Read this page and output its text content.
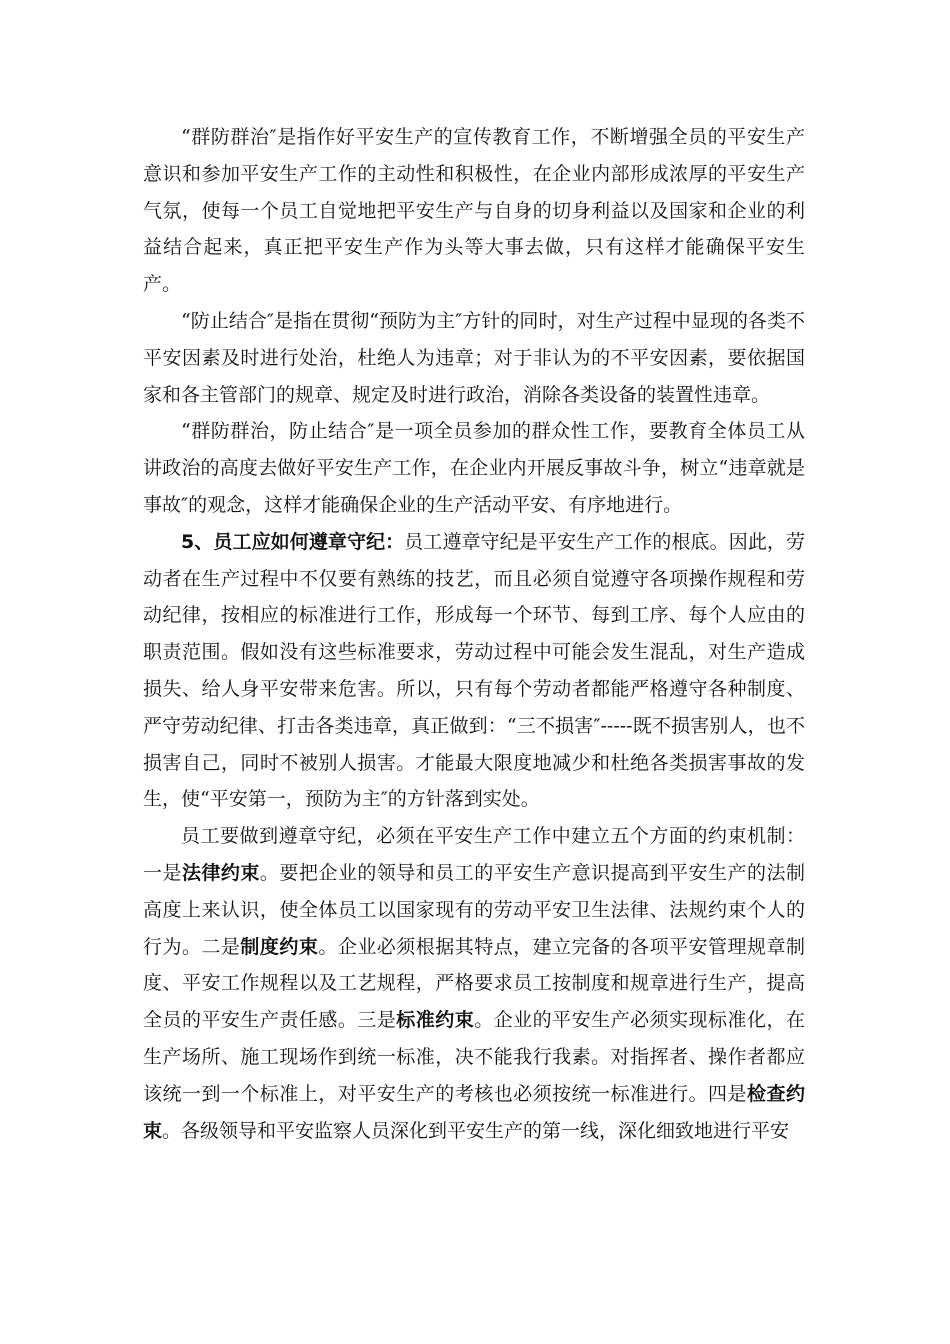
“群防群治″是指作好平安生产的宣传教育工作，不断增强全员的平安生产意识和参加平安生产工作的主动性和积极性，在企业内部形成浓厚的平安生产气氛，使每一个员工自觉地把平安生产与自身的切身利益以及国家和企业的利益结合起来，真正把平安生产作为头等大事去做，只有这样才能确保平安生产。

“防止结合″是指在贯彻“预防为主″方针的同时，对生产过程中显现的各类不平安因素及时进行处治，杜绝人为违章；对于非认为的不平安因素，要依据国家和各主管部门的规章、规定及时进行政治，消除各类设备的装置性违章。

“群防群治，防止结合″是一项全员参加的群众性工作，要教育全体员工从讲政治的高度去做好平安生产工作，在企业内开展反事故斗争，树立“违章就是事故″的观念，这样才能确保企业的生产活动平安、有序地进行。

5、员工应如何遵章守纪：员工遵章守纪是平安生产工作的根底。因此，劳动者在生产过程中不仅要有熟练的技艺，而且必须自觉遵守各项操作规程和劳动纪律，按相应的标准进行工作，形成每一个环节、每到工序、每个人应由的职责范围。假如没有这些标准要求，劳动过程中可能会发生混乱，对生产造成损失、给人身平安带来危害。所以，只有每个劳动者都能严格遵守各种制度、严守劳动纪律、打击各类违章，真正做到：“三不损害″-----既不损害别人，也不损害自己，同时不被别人损害。才能最大限度地减少和杜绝各类损害事故的发生，使“平安第一，预防为主″的方针落到实处。

员工要做到遵章守纪，必须在平安生产工作中建立五个方面的约束机制：一是法律约束。要把企业的领导和员工的平安生产意识提高到平安生产的法制高度上来认识，使全体员工以国家现有的劳动平安卫生法律、法规约束个人的行为。二是制度约束。企业必须根据其特点，建立完备的各项平安管理规章制度、平安工作规程以及工艺规程，严格要求员工按制度和规章进行生产，提高全员的平安生产责任感。三是标准约束。企业的平安生产必须实现标准化，在生产场所、施工现场作到统一标准，决不能我行我素。对指挥者、操作者都应该统一到一个标准上，对平安生产的考核也必须按统一标准进行。四是检查约束。各级领导和平安监察人员深化到平安生产的第一线，深化细致地进行平安
